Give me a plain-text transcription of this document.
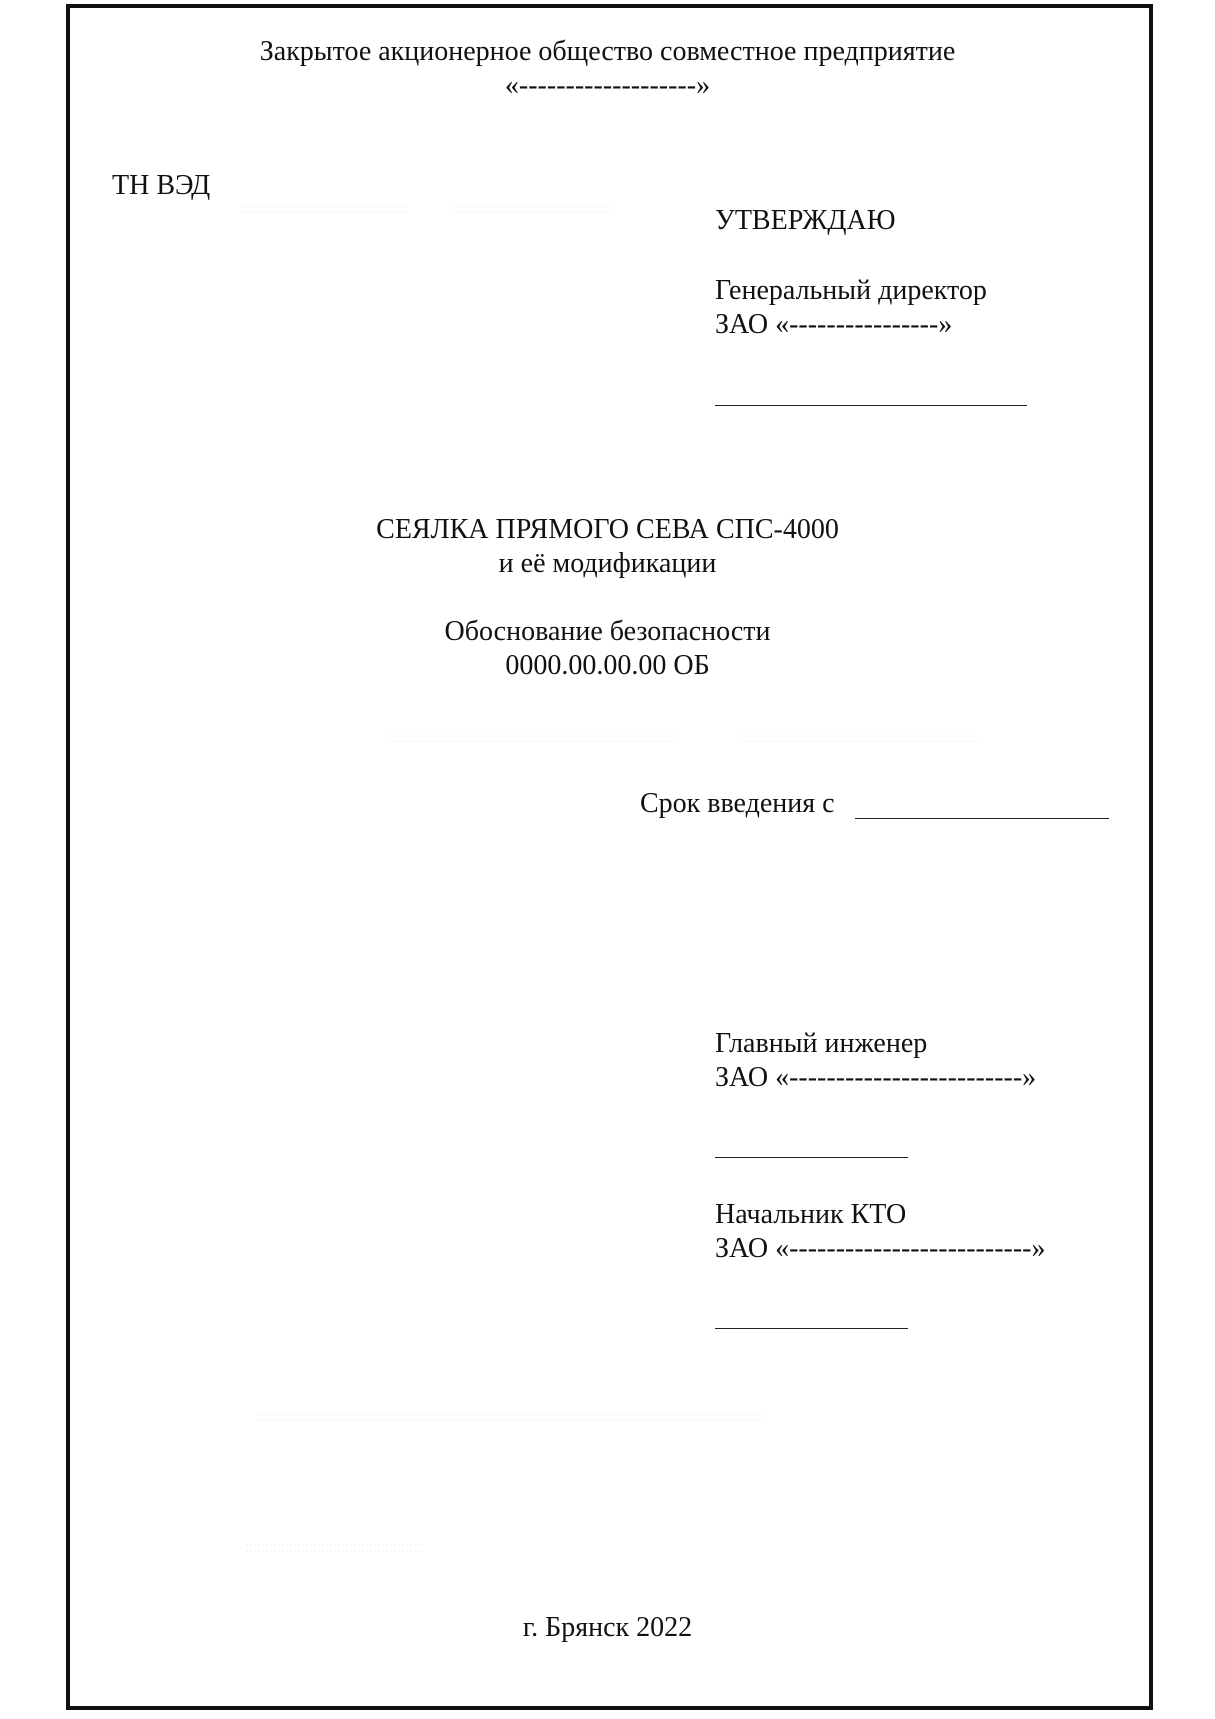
Закрытое акционерное общество совместное предприятие
«-------------------»
ТН ВЭД
УТВЕРЖДАЮ
Генеральный директор
ЗАО «----------------»
СЕЯЛКА ПРЯМОГО СЕВА СПС-4000
и её модификации
Обоснование безопасности
0000.00.00.00 ОБ
Срок введения с
Главный инженер
ЗАО «-------------------------»
Начальник КТО
ЗАО «--------------------------»
г. Брянск 2022
